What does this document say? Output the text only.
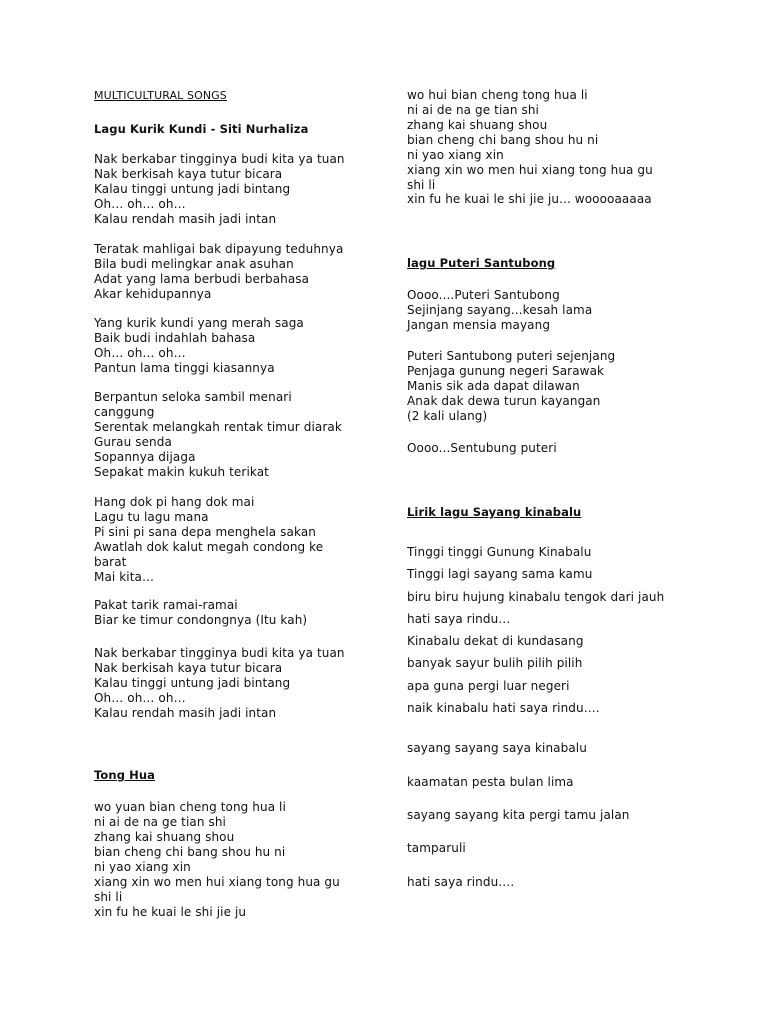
MULTICULTURAL SONGS
Lagu Kurik Kundi - Siti Nurhaliza
Nak berkabar tingginya budi kita ya tuan
Nak berkisah kaya tutur bicara
Kalau tinggi untung jadi bintang
Oh… oh… oh…
Kalau rendah masih jadi intan
Teratak mahligai bak dipayung teduhnya
Bila budi melingkar anak asuhan
Adat yang lama berbudi berbahasa
Akar kehidupannya
Yang kurik kundi yang merah saga
Baik budi indahlah bahasa
Oh… oh… oh…
Pantun lama tinggi kiasannya
Berpantun seloka sambil menari
canggung
Serentak melangkah rentak timur diarak
Gurau senda
Sopannya dijaga
Sepakat makin kukuh terikat
Hang dok pi hang dok mai
Lagu tu lagu mana
Pi sini pi sana depa menghela sakan
Awatlah dok kalut megah condong ke
barat
Mai kita…
Pakat tarik ramai-ramai
Biar ke timur condongnya (Itu kah)
Nak berkabar tingginya budi kita ya tuan
Nak berkisah kaya tutur bicara
Kalau tinggi untung jadi bintang
Oh… oh… oh…
Kalau rendah masih jadi intan
Tong Hua
wo yuan bian cheng tong hua li
ni ai de na ge tian shi
zhang kai shuang shou
bian cheng chi bang shou hu ni
ni yao xiang xin
xiang xin wo men hui xiang tong hua gu
shi li
xin fu he kuai le shi jie ju
wo hui bian cheng tong hua li
ni ai de na ge tian shi
zhang kai shuang shou
bian cheng chi bang shou hu ni
ni yao xiang xin
xiang xin wo men hui xiang tong hua gu
shi li
xin fu he kuai le shi jie ju... wooooaaaaa
lagu Puteri Santubong
Oooo....Puteri Santubong
Sejinjang sayang...kesah lama
Jangan mensia mayang
Puteri Santubong puteri sejenjang
Penjaga gunung negeri Sarawak
Manis sik ada dapat dilawan
Anak dak dewa turun kayangan
(2 kali ulang)
Oooo...Sentubung puteri
Lirik lagu Sayang kinabalu
Tinggi tinggi Gunung Kinabalu
Tinggi lagi sayang sama kamu
biru biru hujung kinabalu tengok dari jauh
hati saya rindu…
Kinabalu dekat di kundasang
banyak sayur bulih pilih pilih
apa guna pergi luar negeri
naik kinabalu hati saya rindu….
sayang sayang saya kinabalu
kaamatan pesta bulan lima
sayang sayang kita pergi tamu jalan
tamparuli
hati saya rindu….
